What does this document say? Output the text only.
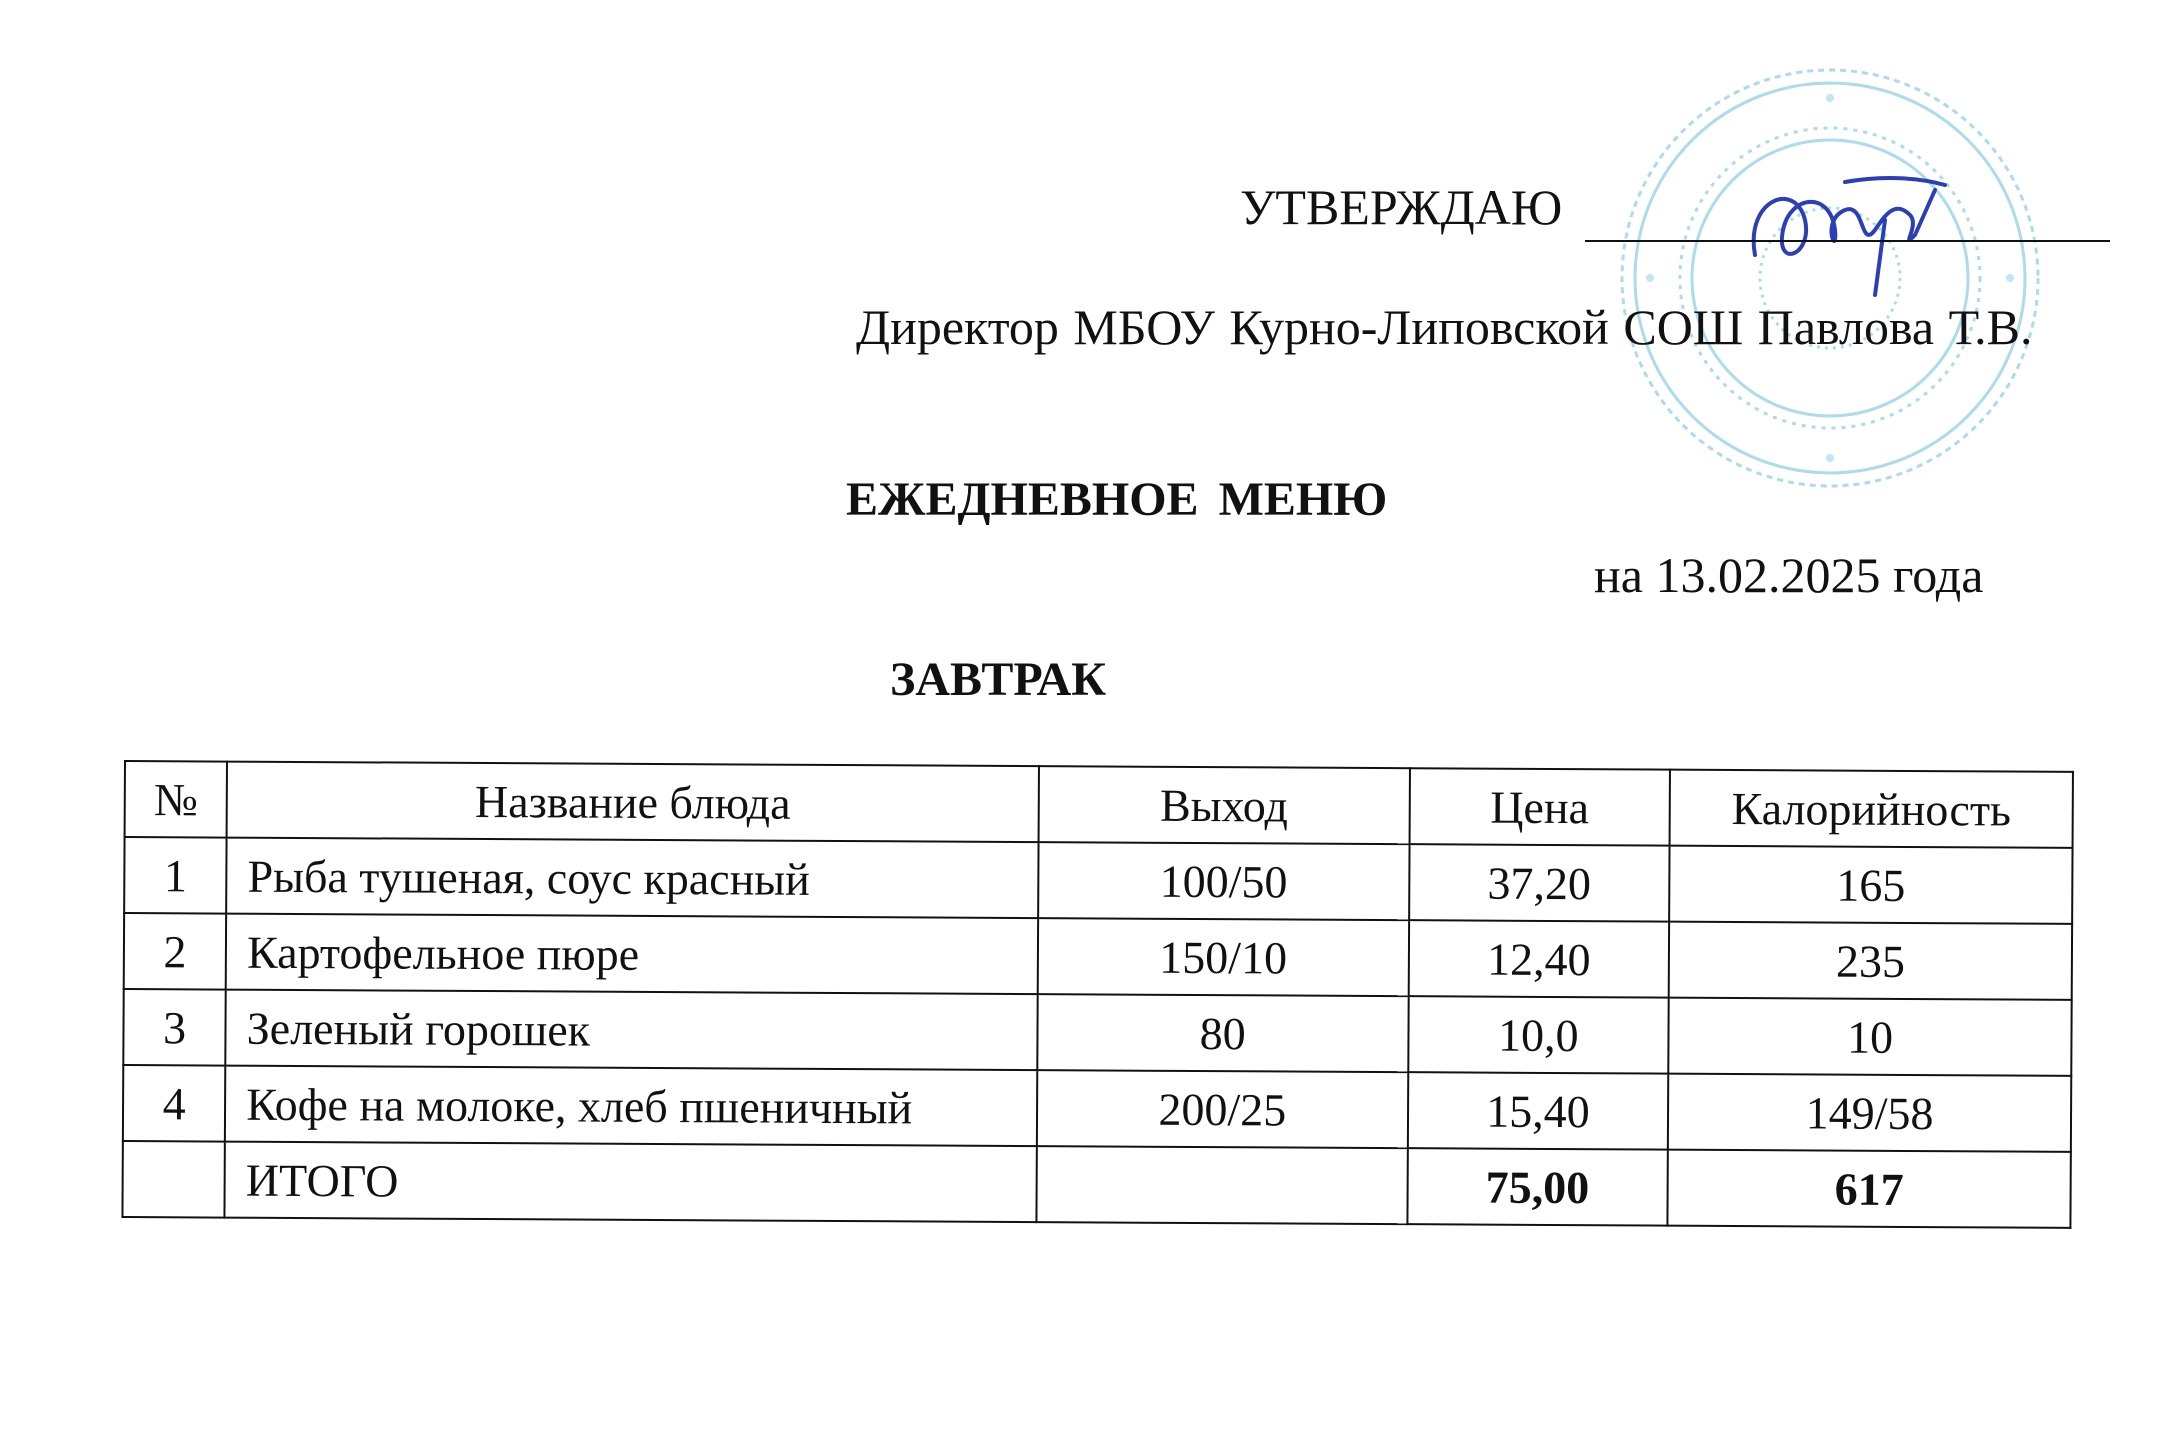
УТВЕРЖДАЮ
Директор МБОУ Курно-Липовской СОШ Павлова Т.В.
ЕЖЕДНЕВНОЕ МЕНЮ
на 13.02.2025 года
ЗАВТРАК
№	Название блюда	Выход	Цена	Калорийность
1	Рыба тушеная, соус красный	100/50	37,20	165
2	Картофельное пюре	150/10	12,40	235
3	Зеленый горошек	80	10,0	10
4	Кофе на молоке, хлеб пшеничный	200/25	15,40	149/58
	ИТОГО		75,00	617
